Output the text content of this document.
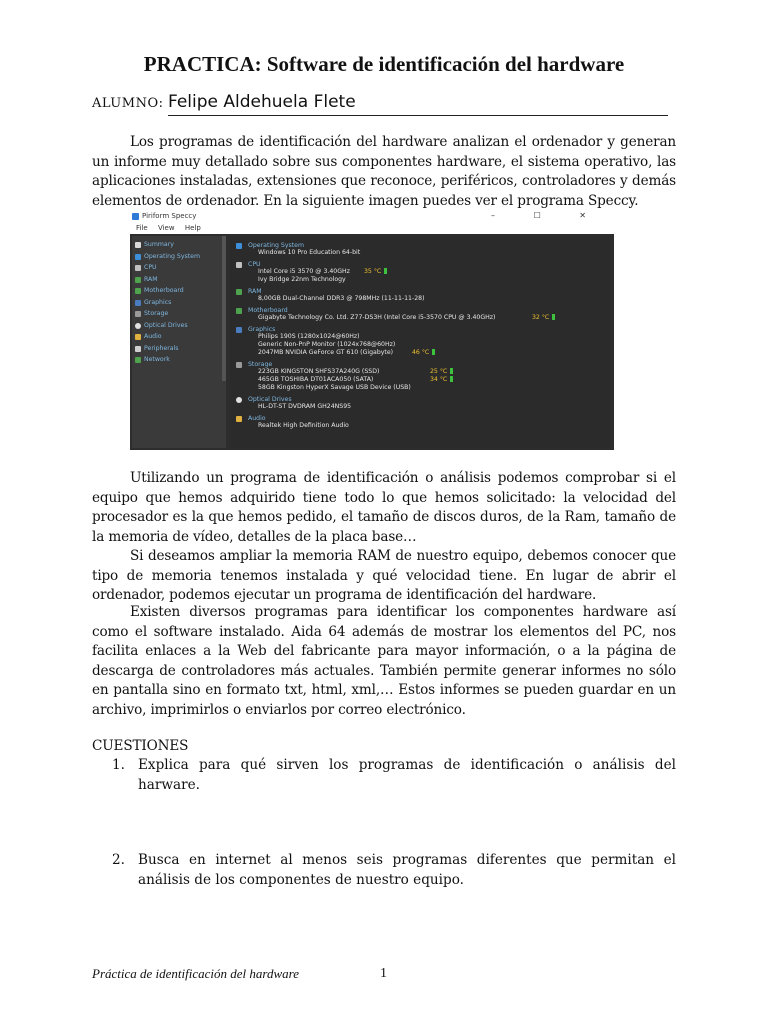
PRACTICA: Software de identificación del hardware
ALUMNO: Felipe Aldehuela Flete

Los programas de identificación del hardware analizan el ordenador y generan un informe muy detallado sobre sus componentes hardware, el sistema operativo, las aplicaciones instaladas, extensiones que reconoce, periféricos, controladores y demás elementos de ordenador. En la siguiente imagen puedes ver el programa Speccy.

Piriform Speccy	– ☐ ✕
File View Help
Summary
Operating System
CPU
RAM
Motherboard
Graphics
Storage
Optical Drives
Audio
Peripherals
Network
Operating System
Windows 10 Pro Education 64-bit
CPU
Intel Core i5 3570 @ 3.40GHz 35 °C
Ivy Bridge 22nm Technology
RAM
8,00GB Dual-Channel DDR3 @ 798MHz (11-11-11-28)
Motherboard
Gigabyte Technology Co. Ltd. Z77-DS3H (Intel Core i5-3570 CPU @ 3.40GHz)	32 °C
Graphics
Philips 190S (1280x1024@60Hz)
Generic Non-PnP Monitor (1024x768@60Hz)
2047MB NVIDIA GeForce GT 610 (Gigabyte)	46 °C
Storage
223GB KINGSTON SHFS37A240G (SSD)	25 °C
465GB TOSHIBA DT01ACA050 (SATA)	34 °C
58GB Kingston HyperX Savage USB Device (USB)
Optical Drives
HL-DT-ST DVDRAM GH24NS95
Audio
Realtek High Definition Audio

Utilizando un programa de identificación o análisis podemos comprobar si el equipo que hemos adquirido tiene todo lo que hemos solicitado: la velocidad del procesador es la que hemos pedido, el tamaño de discos duros, de la Ram, tamaño de la memoria de vídeo, detalles de la placa base…

Si deseamos ampliar la memoria RAM de nuestro equipo, debemos conocer que tipo de memoria tenemos instalada y qué velocidad tiene. En lugar de abrir el ordenador, podemos ejecutar un programa de identificación del hardware.

Existen diversos programas para identificar los componentes hardware así como el software instalado. Aida 64 además de mostrar los elementos del PC, nos facilita enlaces a la Web del fabricante para mayor información, o a la página de descarga de controladores más actuales. También permite generar informes no sólo en pantalla sino en formato txt, html, xml,… Estos informes se pueden guardar en un archivo, imprimirlos o enviarlos por correo electrónico.

CUESTIONES
1. Explica para qué sirven los programas de identificación o análisis del harware.
2. Busca en internet al menos seis programas diferentes que permitan el análisis de los componentes de nuestro equipo.
Práctica de identificación del hardware	1
